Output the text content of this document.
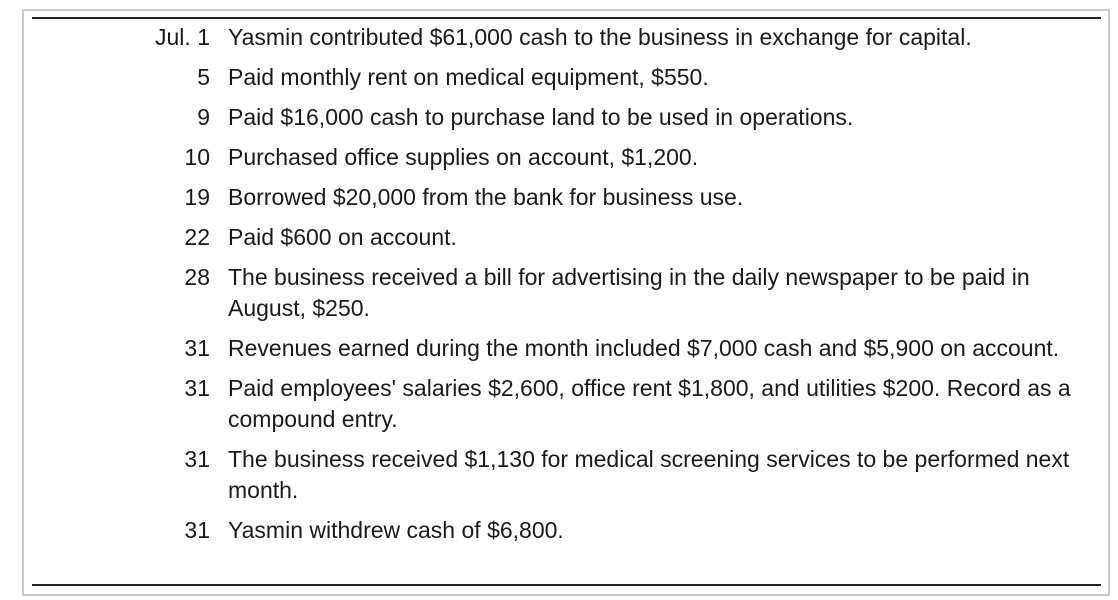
Jul. 1 Yasmin contributed $61,000 cash to the business in exchange for capital.
5 Paid monthly rent on medical equipment, $550.
9 Paid $16,000 cash to purchase land to be used in operations.
10 Purchased office supplies on account, $1,200.
19 Borrowed $20,000 from the bank for business use.
22 Paid $600 on account.
28 The business received a bill for advertising in the daily newspaper to be paid in August, $250.
31 Revenues earned during the month included $7,000 cash and $5,900 on account.
31 Paid employees' salaries $2,600, office rent $1,800, and utilities $200. Record as a compound entry.
31 The business received $1,130 for medical screening services to be performed next month.
31 Yasmin withdrew cash of $6,800.
